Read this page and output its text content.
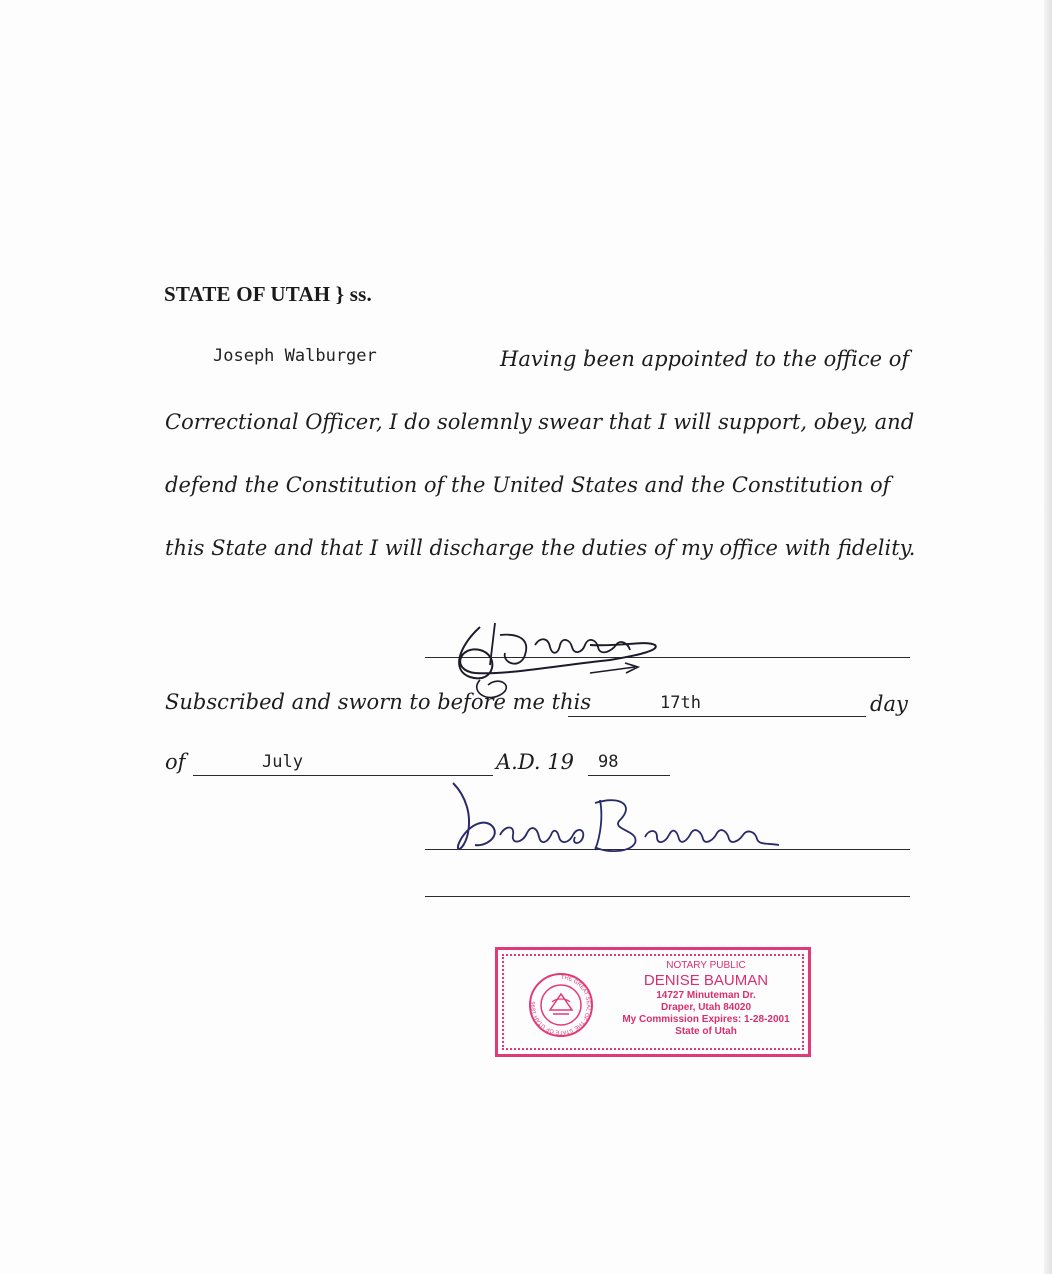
STATE OF UTAH } ss.
Joseph Walburger	Having been appointed to the office of
Correctional Officer, I do solemnly swear that I will support, obey, and
defend the Constitution of the United States and the Constitution of
this State and that I will discharge the duties of my office with fidelity.
Subscribed and sworn to before me this	17th	day
of	July	A.D. 19 98
THE GREAT SEAL OF THE STATE OF UTAH 1896
NOTARY PUBLIC
DENISE BAUMAN
14727 Minuteman Dr.
Draper, Utah 84020
My Commission Expires: 1-28-2001
State of Utah
